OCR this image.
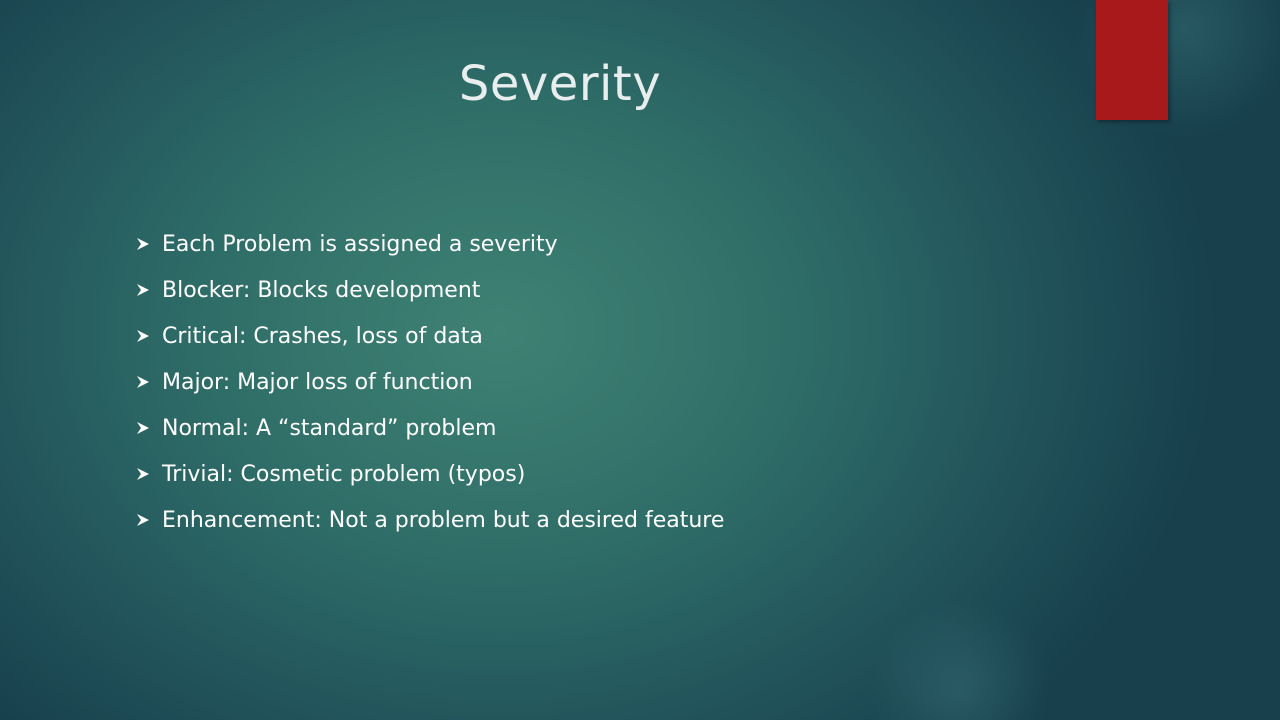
Severity
Each Problem is assigned a severity
Blocker: Blocks development
Critical: Crashes, loss of data
Major: Major loss of function
Normal: A “standard” problem
Trivial: Cosmetic problem (typos)
Enhancement: Not a problem but a desired feature
